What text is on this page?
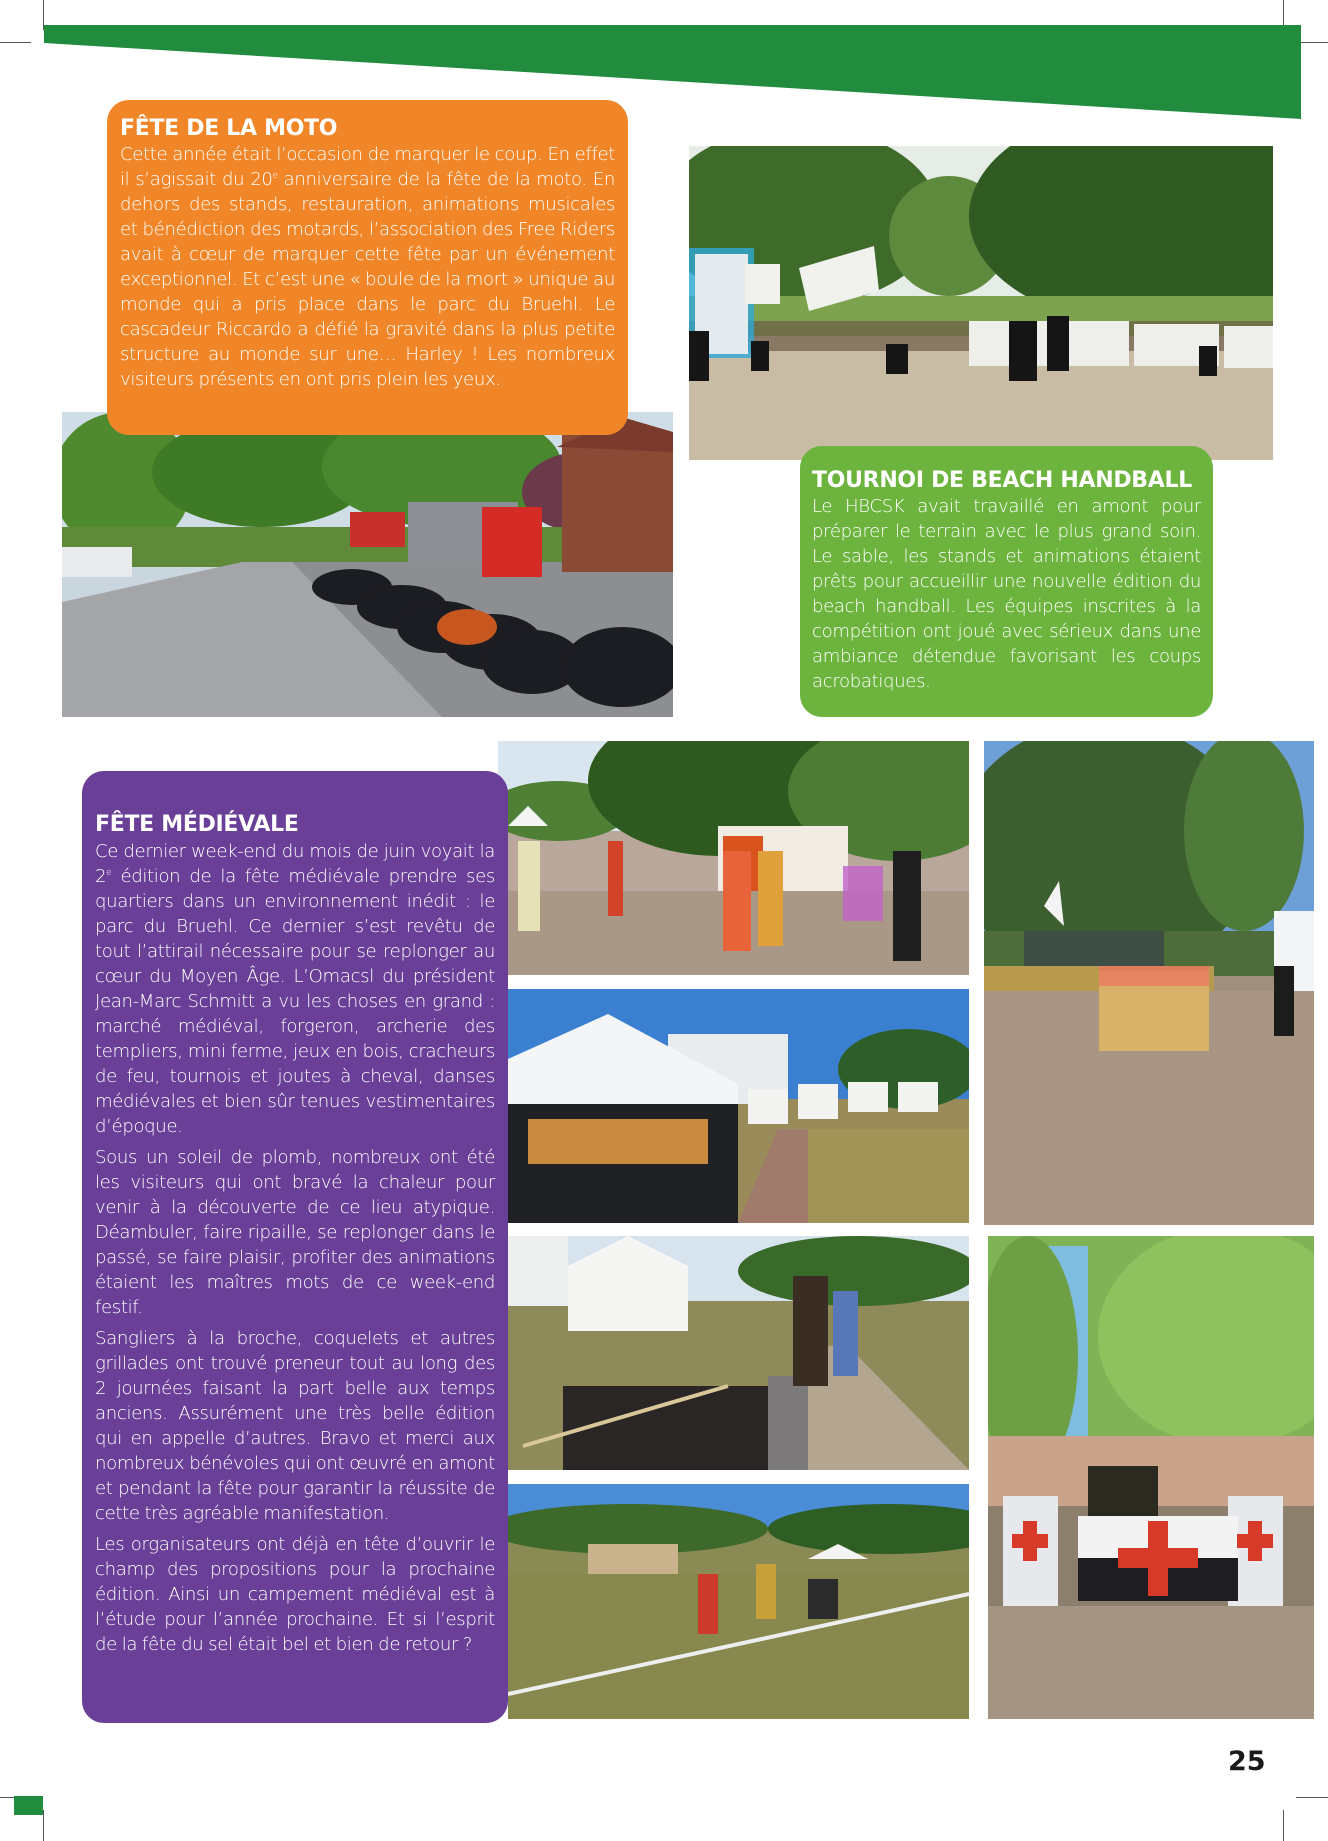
FÊTE DE LA MOTO

Cette année était l’occasion de marquer le coup. En effet il s’agissait du 20e anniversaire de la fête de la moto. En dehors des stands, restauration, animations musicales et bénédiction des motards, l’association des Free Riders avait à cœur de marquer cette fête par un événement exceptionnel. Et c’est une « boule de la mort » unique au monde qui a pris place dans le parc du Bruehl. Le cascadeur Riccardo a défié la gravité dans la plus petite structure au monde sur une… Harley ! Les nombreux visiteurs présents en ont pris plein les yeux.

TOURNOI DE BEACH HANDBALL

Le HBCSK avait travaillé en amont pour préparer le terrain avec le plus grand soin. Le sable, les stands et animations étaient prêts pour accueillir une nouvelle édition du beach handball. Les équipes inscrites à la compétition ont joué avec sérieux dans une ambiance détendue favorisant les coups acrobatiques.

FÊTE MÉDIÉVALE

Ce dernier week-end du mois de juin voyait la 2e édition de la fête médiévale prendre ses quartiers dans un environnement inédit : le parc du Bruehl. Ce dernier s’est revêtu de tout l’attirail nécessaire pour se replonger au cœur du Moyen Âge. L’Omacsl du président Jean-Marc Schmitt a vu les choses en grand : marché médiéval, forgeron, archerie des templiers, mini ferme, jeux en bois, cracheurs de feu, tournois et joutes à cheval, danses médiévales et bien sûr tenues vestimentaires d’époque.

Sous un soleil de plomb, nombreux ont été les visiteurs qui ont bravé la chaleur pour venir à la découverte de ce lieu atypique. Déambuler, faire ripaille, se replonger dans le passé, se faire plaisir, profiter des animations étaient les maîtres mots de ce week-end festif.

Sangliers à la broche, coquelets et autres grillades ont trouvé preneur tout au long des 2 journées faisant la part belle aux temps anciens. Assurément une très belle édition qui en appelle d’autres. Bravo et merci aux nombreux bénévoles qui ont œuvré en amont et pendant la fête pour garantir la réussite de cette très agréable manifestation.

Les organisateurs ont déjà en tête d’ouvrir le champ des propositions pour la prochaine édition. Ainsi un campement médiéval est à l’étude pour l’année prochaine. Et si l’esprit de la fête du sel était bel et bien de retour ?

25
